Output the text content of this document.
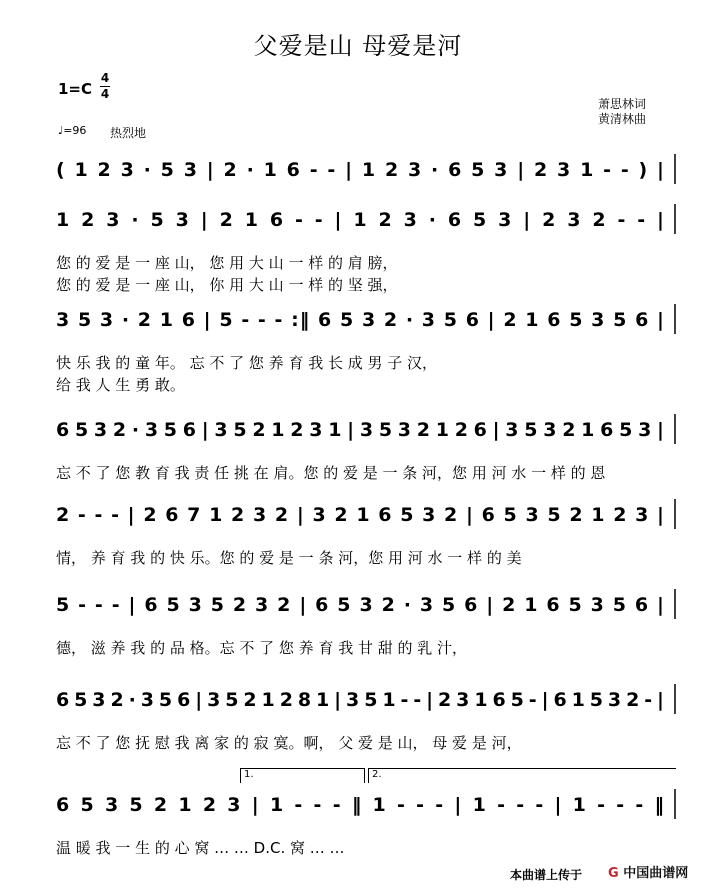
父爱是山 母爱是河
1=C
4
4
♩=96 热烈地
萧思林词
黄清林曲
( 1 2 3 · 5 3 | 2 · 1 6 - - | 1 2 3 · 6 5 3 | 2 3 1 - - ) |
1 2 3 · 5 3 | 2 1 6 - - | 1 2 3 · 6 5 3 | 2 3 2 - - |
您 的 爱 是 一 座 山， 您 用 大 山 一 样 的 肩 膀，
您 的 爱 是 一 座 山， 你 用 大 山 一 样 的 坚 强，
3 5 3 · 2 1 6 | 5 - - - :‖ 6 5 3 2 · 3 5 6 | 2 1 6 5 3 5 6 |
快 乐 我 的 童 年。 忘 不 了 您 养 育 我 长 成 男 子 汉，
给 我 人 生 勇 敢。
6 5 3 2 · 3 5 6 | 3 5 2 1 2 3 1 | 3 5 3 2 1 2 6 | 3 5 3 2 1 6 5 3 |
忘 不 了 您 教 育 我 责 任 挑 在 肩。您 的 爱 是 一 条 河，您 用 河 水 一 样 的 恩
2 - - - | 2 6 7 1 2 3 2 | 3 2 1 6 5 3 2 | 6 5 3 5 2 1 2 3 |
情， 养 育 我 的 快 乐。您 的 爱 是 一 条 河，您 用 河 水 一 样 的 美
5 - - - | 6 5 3 5 2 3 2 | 6 5 3 2 · 3 5 6 | 2 1 6 5 3 5 6 |
德， 滋 养 我 的 品 格。忘 不 了 您 养 育 我 甘 甜 的 乳 汁，
6 5 3 2 · 3 5 6 | 3 5 2 1 2 8 1 | 3 5 1 - - | 2 3 1 6 5 - | 6 1 5 3 2 - |
忘 不 了 您 抚 慰 我 离 家 的 寂 寞。啊， 父 爱 是 山， 母 爱 是 河，
6 5 3 5 2 1 2 3 | 1 - - - ‖ 1 - - - | 1 - - - | 1 - - - ‖
温 暖 我 一 生 的 心 窝 … … D.C. 窝 … …
1.	2.
本曲谱上传于 G 中国曲谱网
